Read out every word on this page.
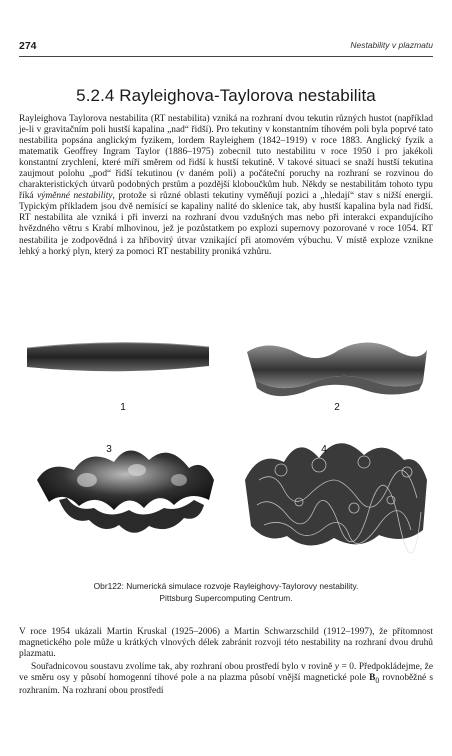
274	Nestability v plazmatu
5.2.4 Rayleighova-Taylorova nestabilita

Rayleighova Taylorova nestabilita (RT nestabilita) vzniká na rozhraní dvou tekutin různých hustot (například je-li v gravitačním poli hustší kapalina „nad“ řidší). Pro tekutiny v konstantním tíhovém poli byla poprvé tato nestabilita popsána anglickým fyzikem, lordem Rayleighem (1842–1919) v roce 1883. Anglický fyzik a matematik Geoffrey Ingram Taylor (1886–1975) zobecnil tuto nestabilitu v roce 1950 i pro jakékoli konstantní zrychlení, které míří směrem od řidší k hustší tekutině. V takové situaci se snaží hustší tekutina zaujmout polohu „pod“ řidší tekutinou (v daném poli) a počáteční poruchy na rozhraní se rozvinou do charakteristických útvarů podobných prstům a pozdější kloboučkům hub. Někdy se nestabilitám tohoto typu říká výměnné nestability, protože si různé oblasti tekutiny vyměňují pozici a „hledají“ stav s nižší energií. Typickým příkladem jsou dvě nemísící se kapaliny nalité do sklenice tak, aby hustší kapalina byla nad řidší. RT nestabilita ale vzniká i při inverzi na rozhraní dvou vzdušných mas nebo při interakci expandujícího hvězdného větru s Krabí mlhovinou, jež je pozůstatkem po explozi supernovy pozorované v roce 1054. RT nestabilita je zodpovědná i za hřibovitý útvar vznikající při atomovém výbuchu. V místě exploze vznikne lehký a horký plyn, který za pomoci RT nestability proniká vzhůru.

1	2
3	4

Obr122: Numerická simulace rozvoje Rayleighovy-Taylorovy nestability.
Pittsburg Supercomputing Centrum.

V roce 1954 ukázali Martin Kruskal (1925–2006) a Martin Schwarzschild (1912–1997), že přítomnost magnetického pole může u krátkých vlnových délek zabránit rozvoji této nestability na rozhraní dvou druhů plazmatu.

Souřadnicovou soustavu zvolíme tak, aby rozhraní obou prostředí bylo v rovině y = 0. Předpokládejme, že ve směru osy y působí homogenní tíhové pole a na plazma působí vnější magnetické pole $B_0$ rovnoběžné s rozhraním. Na rozhraní obou prostředí
